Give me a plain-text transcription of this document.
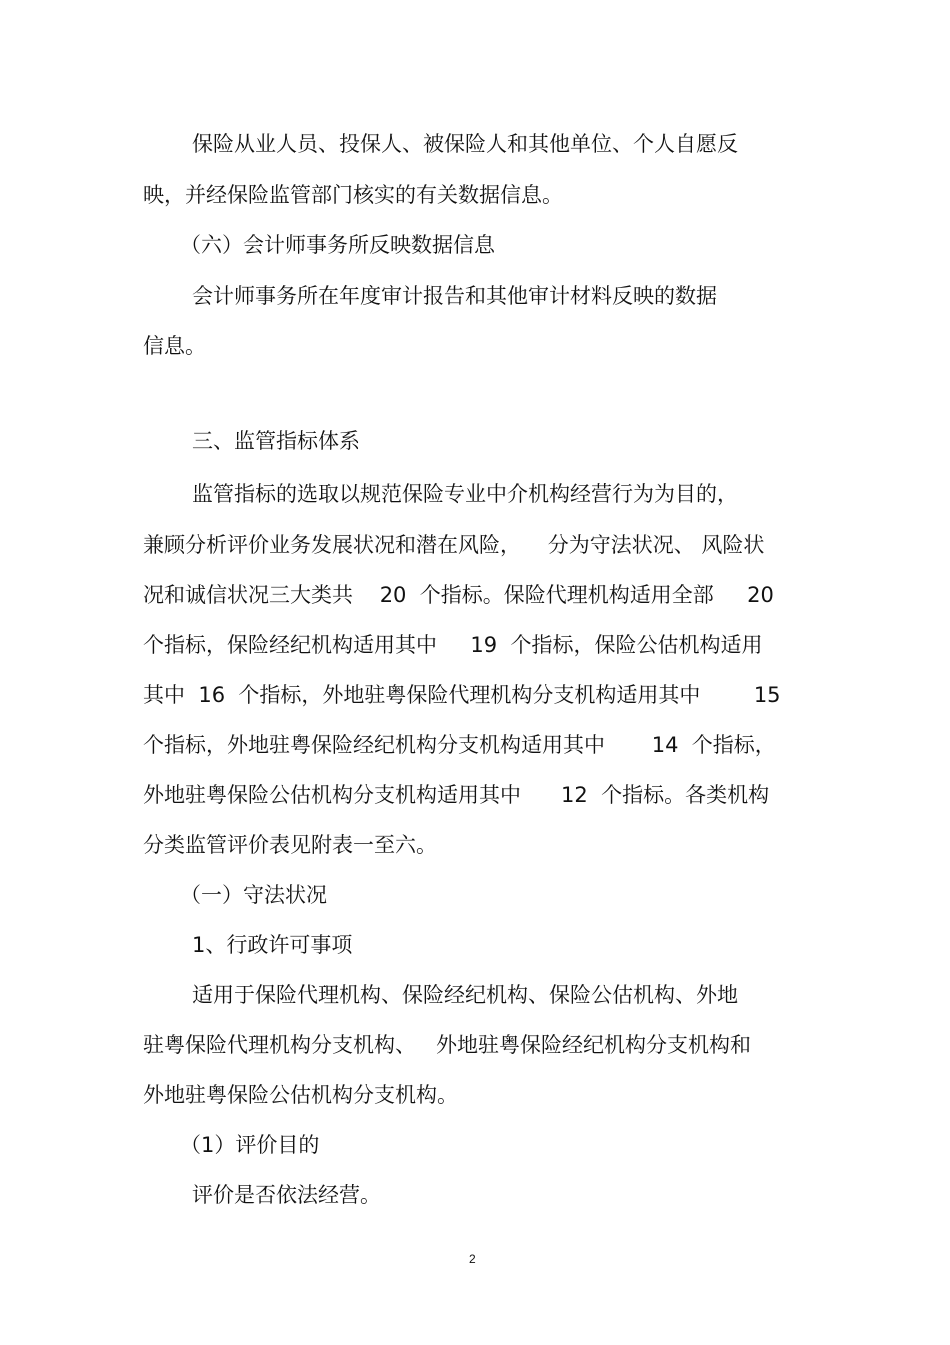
保险从业人员、投保人、被保险人和其他单位、个人自愿反
映，并经保险监管部门核实的有关数据信息。
（六）会计师事务所反映数据信息
会计师事务所在年度审计报告和其他审计材料反映的数据
信息。
三、监管指标体系
监管指标的选取以规范保险专业中介机构经营行为为目的，
兼顾分析评价业务发展状况和潜在风险，    分为守法状况、 风险状
况和诚信状况三大类共    20  个指标。保险代理机构适用全部     20
个指标，保险经纪机构适用其中     19  个指标，保险公估机构适用
其中  16  个指标，外地驻粤保险代理机构分支机构适用其中        15
个指标，外地驻粤保险经纪机构分支机构适用其中       14  个指标，
外地驻粤保险公估机构分支机构适用其中      12  个指标。各类机构
分类监管评价表见附表一至六。
（一）守法状况
1、行政许可事项
适用于保险代理机构、保险经纪机构、保险公估机构、外地
驻粤保险代理机构分支机构、   外地驻粤保险经纪机构分支机构和
外地驻粤保险公估机构分支机构。
（1）评价目的
评价是否依法经营。
2
